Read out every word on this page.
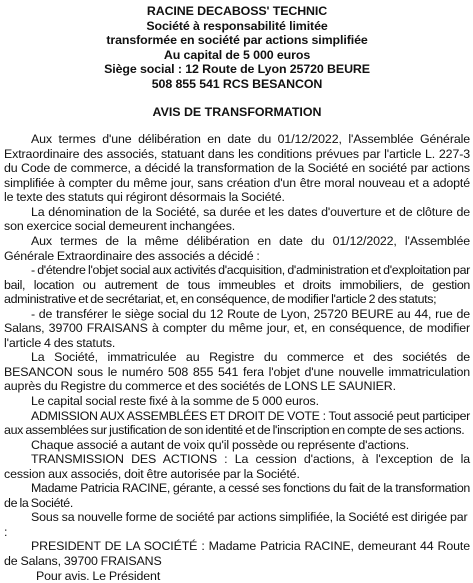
RACINE DECABOSS' TECHNIC
Société à responsabilité limitée
transformée en société par actions simplifiée
Au capital de 5 000 euros
Siège social : 12 Route de Lyon 25720 BEURE
508 855 541 RCS BESANCON
AVIS DE TRANSFORMATION

Aux termes d'une délibération en date du 01/12/2022, l'Assemblée Générale Extraordinaire des associés, statuant dans les conditions prévues par l'article L. 227-3 du Code de commerce, a décidé la transformation de la Société en société par actions simplifiée à compter du même jour, sans création d'un être moral nouveau et a adopté le texte des statuts qui régiront désormais la Société.

La dénomination de la Société, sa durée et les dates d'ouverture et de clôture de son exercice social demeurent inchangées.

Aux termes de la même délibération en date du 01/12/2022, l'Assemblée Générale Extraordinaire des associés a décidé :

- d'étendre l'objet social aux activités d'acquisition, d'administration et d'exploitation par bail, location ou autrement de tous immeubles et droits immobiliers, de gestion administrative et de secrétariat, et, en conséquence, de modifier l'article 2 des statuts;

- de transférer le siège social du 12 Route de Lyon, 25720 BEURE au 44, rue de Salans, 39700 FRAISANS à compter du même jour, et, en conséquence, de modifier l'article 4 des statuts.

La Société, immatriculée au Registre du commerce et des sociétés de BESANCON sous le numéro 508 855 541 fera l'objet d'une nouvelle immatriculation auprès du Registre du commerce et des sociétés de LONS LE SAUNIER.

Le capital social reste fixé à la somme de 5 000 euros.

ADMISSION AUX ASSEMBLÉES ET DROIT DE VOTE : Tout associé peut participer aux assemblées sur justification de son identité et de l'inscription en compte de ses actions.

Chaque associé a autant de voix qu'il possède ou représente d'actions.

TRANSMISSION DES ACTIONS : La cession d'actions, à l'exception de la cession aux associés, doit être autorisée par la Société.

Madame Patricia RACINE, gérante, a cessé ses fonctions du fait de la transformation de la Société.

Sous sa nouvelle forme de société par actions simplifiée, la Société est dirigée par :

PRESIDENT DE LA SOCIÉTÉ : Madame Patricia RACINE, demeurant 44 Route de Salans, 39700 FRAISANS

Pour avis. Le Président
